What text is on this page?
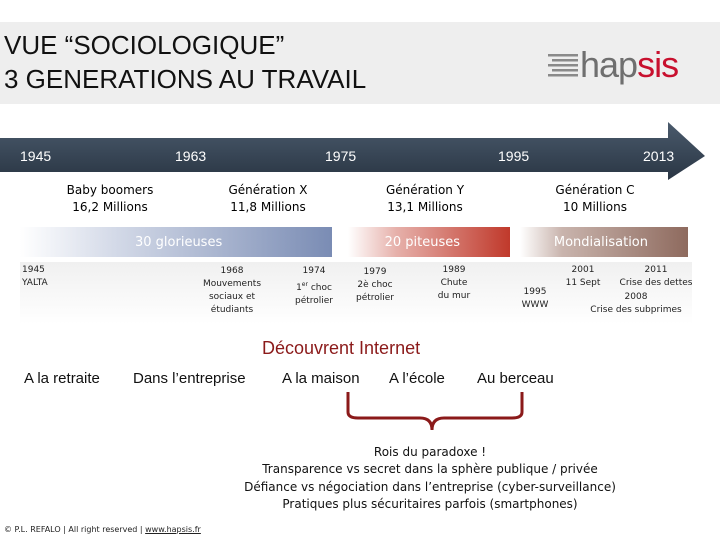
VUE “SOCIOLOGIQUE”
3 GENERATIONS AU TRAVAIL	hap sis
1945	1963	1975	1995	2013
Baby boomers
16,2 Millions
Génération X
11,8 Millions
Génération Y
13,1 Millions
Génération C
10 Millions
30 glorieuses	20 piteuses	Mondialisation
1945
YALTA
1968
Mouvements
sociaux et
étudiants
1974
1er choc
pétrolier
1979
2è choc
pétrolier
1989
Chute
du mur	1995
WWW
2001
11 Sept
2011
Crise des dettes
2008
Crise des subprimes
Découvrent Internet
A la retraite Dans l’entreprise A la maison A l’école Au berceau
Rois du paradoxe !
Transparence vs secret dans la sphère publique / privée
Défiance vs négociation dans l’entreprise (cyber-surveillance)
Pratiques plus sécuritaires parfois (smartphones)
© P.L. REFALO | All right reserved | www.hapsis.fr
